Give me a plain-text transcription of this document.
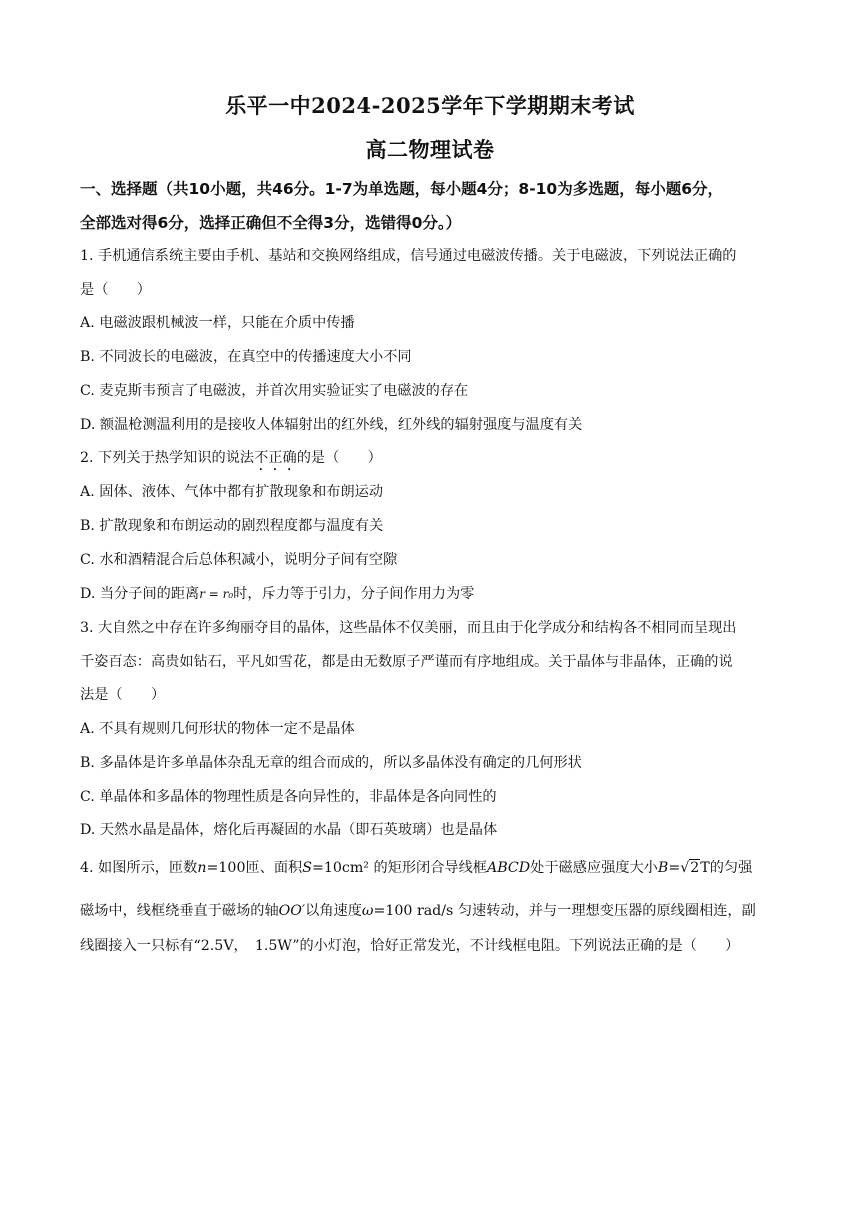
乐平一中2024-2025学年下学期期末考试
高二物理试卷
一、选择题（共10小题，共46分。1-7为单选题，每小题4分；8-10为多选题，每小题6分，
全部选对得6分，选择正确但不全得3分，选错得0分。）
1. 手机通信系统主要由手机、基站和交换网络组成，信号通过电磁波传播。关于电磁波，下列说法正确的
是（　　）
A. 电磁波跟机械波一样，只能在介质中传播
B. 不同波长的电磁波，在真空中的传播速度大小不同
C. 麦克斯韦预言了电磁波，并首次用实验证实了电磁波的存在
D. 额温枪测温利用的是接收人体辐射出的红外线，红外线的辐射强度与温度有关
2. 下列关于热学知识的说法不正确的是（　　）
A. 固体、液体、气体中都有扩散现象和布朗运动
B. 扩散现象和布朗运动的剧烈程度都与温度有关
C. 水和酒精混合后总体积减小，说明分子间有空隙
D. 当分子间的距离r = r₀时，斥力等于引力，分子间作用力为零
3. 大自然之中存在许多绚丽夺目的晶体，这些晶体不仅美丽，而且由于化学成分和结构各不相同而呈现出
千姿百态：高贵如钻石，平凡如雪花，都是由无数原子严谨而有序地组成。关于晶体与非晶体，正确的说
法是（　　）
A. 不具有规则几何形状的物体一定不是晶体
B. 多晶体是许多单晶体杂乱无章的组合而成的，所以多晶体没有确定的几何形状
C. 单晶体和多晶体的物理性质是各向异性的，非晶体是各向同性的
D. 天然水晶是晶体，熔化后再凝固的水晶（即石英玻璃）也是晶体
4. 如图所示，匝数n=100匝、面积S=10cm² 的矩形闭合导线框ABCD处于磁感应强度大小B=√2T的匀强
磁场中，线框绕垂直于磁场的轴OO′以角速度ω=100 rad/s 匀速转动，并与一理想变压器的原线圈相连，副
线圈接入一只标有“2.5V，　1.5W”的小灯泡，恰好正常发光，不计线框电阻。下列说法正确的是（　　）
